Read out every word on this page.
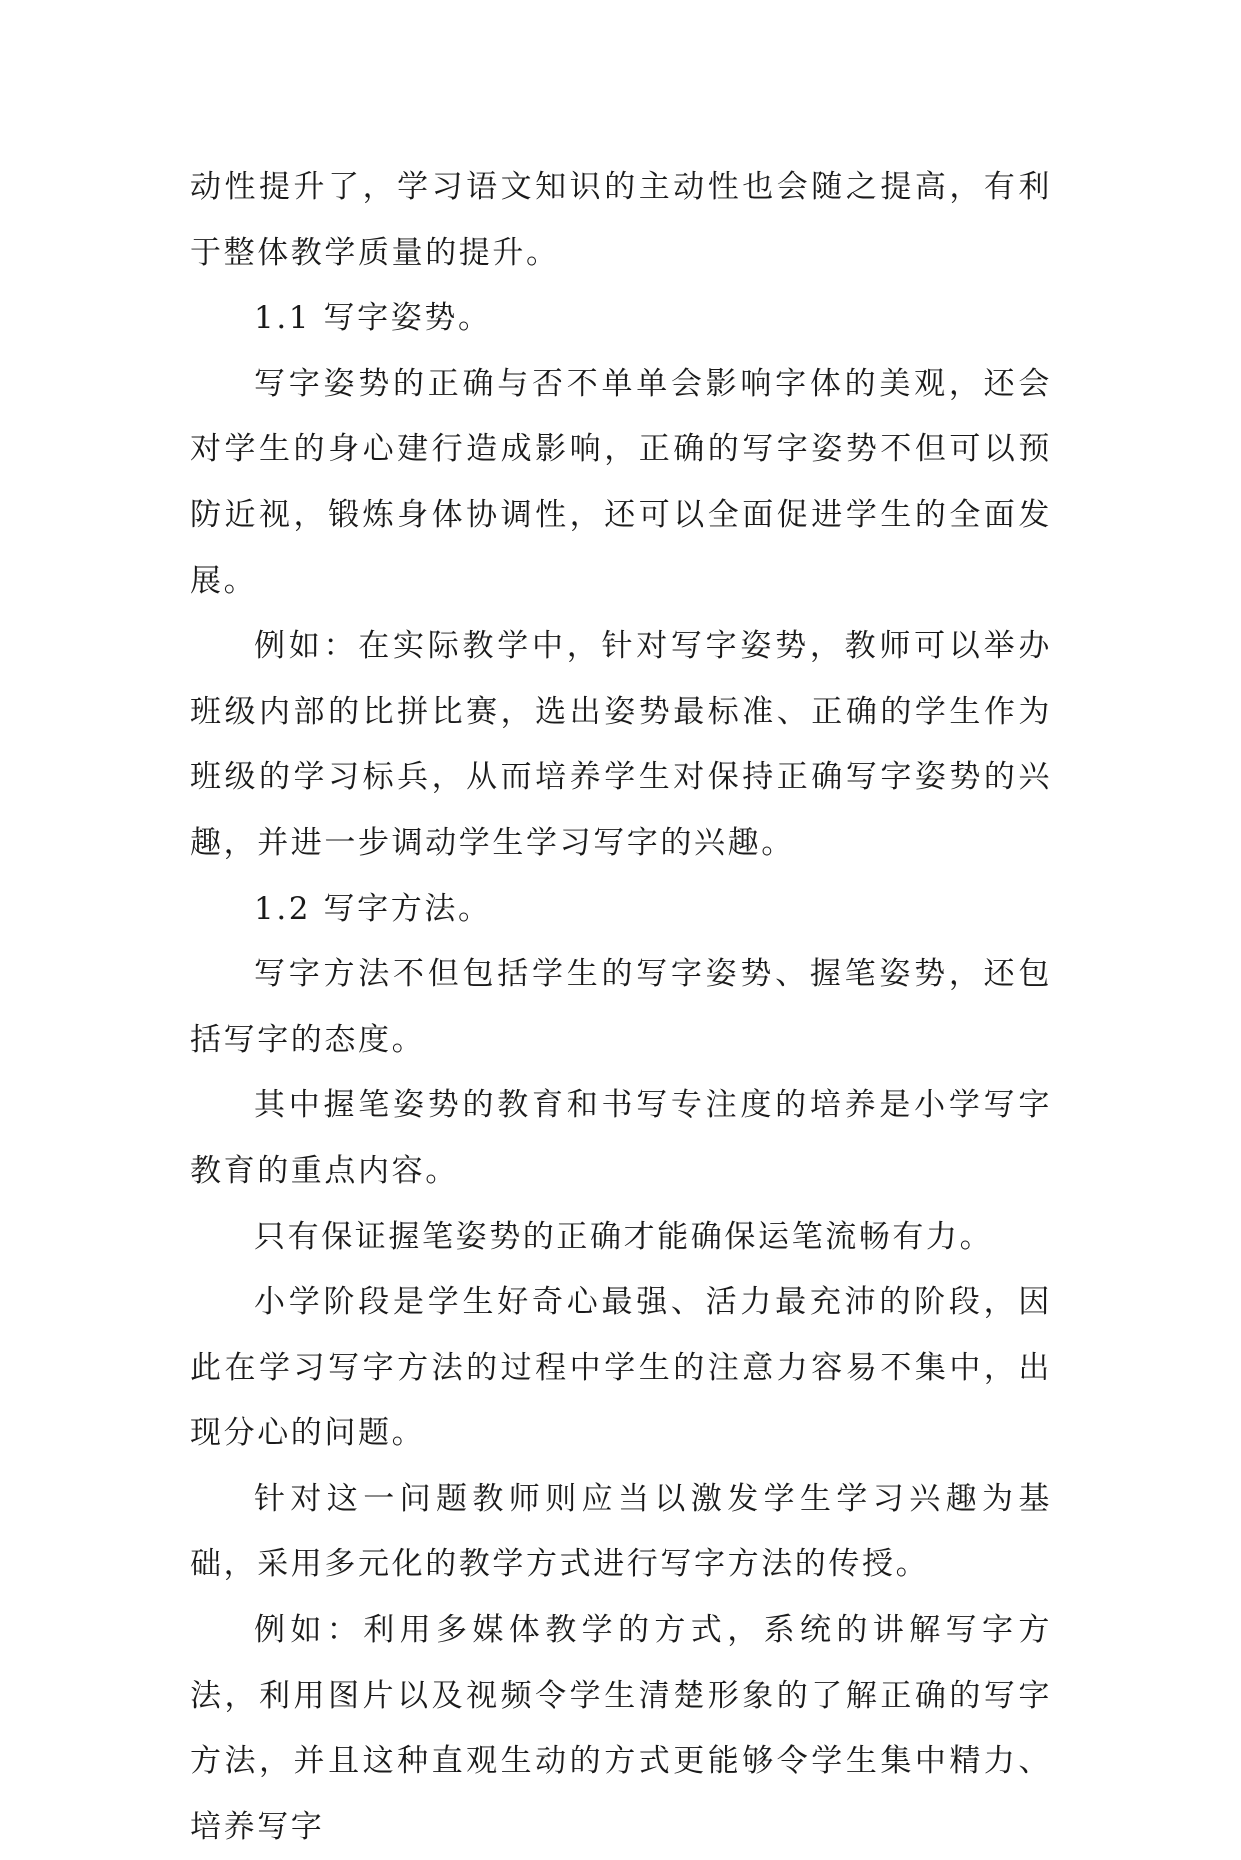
动性提升了，学习语文知识的主动性也会随之提高，有利于整体教学质量的提升。

1.1 写字姿势。

写字姿势的正确与否不单单会影响字体的美观，还会对学生的身心建行造成影响，正确的写字姿势不但可以预防近视，锻炼身体协调性，还可以全面促进学生的全面发展。

例如：在实际教学中，针对写字姿势，教师可以举办班级内部的比拼比赛，选出姿势最标准、正确的学生作为班级的学习标兵，从而培养学生对保持正确写字姿势的兴趣，并进一步调动学生学习写字的兴趣。

1.2 写字方法。

写字方法不但包括学生的写字姿势、握笔姿势，还包括写字的态度。

其中握笔姿势的教育和书写专注度的培养是小学写字教育的重点内容。

只有保证握笔姿势的正确才能确保运笔流畅有力。

小学阶段是学生好奇心最强、活力最充沛的阶段，因此在学习写字方法的过程中学生的注意力容易不集中，出现分心的问题。

针对这一问题教师则应当以激发学生学习兴趣为基础，采用多元化的教学方式进行写字方法的传授。

例如：利用多媒体教学的方式，系统的讲解写字方法，利用图片以及视频令学生清楚形象的了解正确的写字方法，并且这种直观生动的方式更能够令学生集中精力、培养写字
